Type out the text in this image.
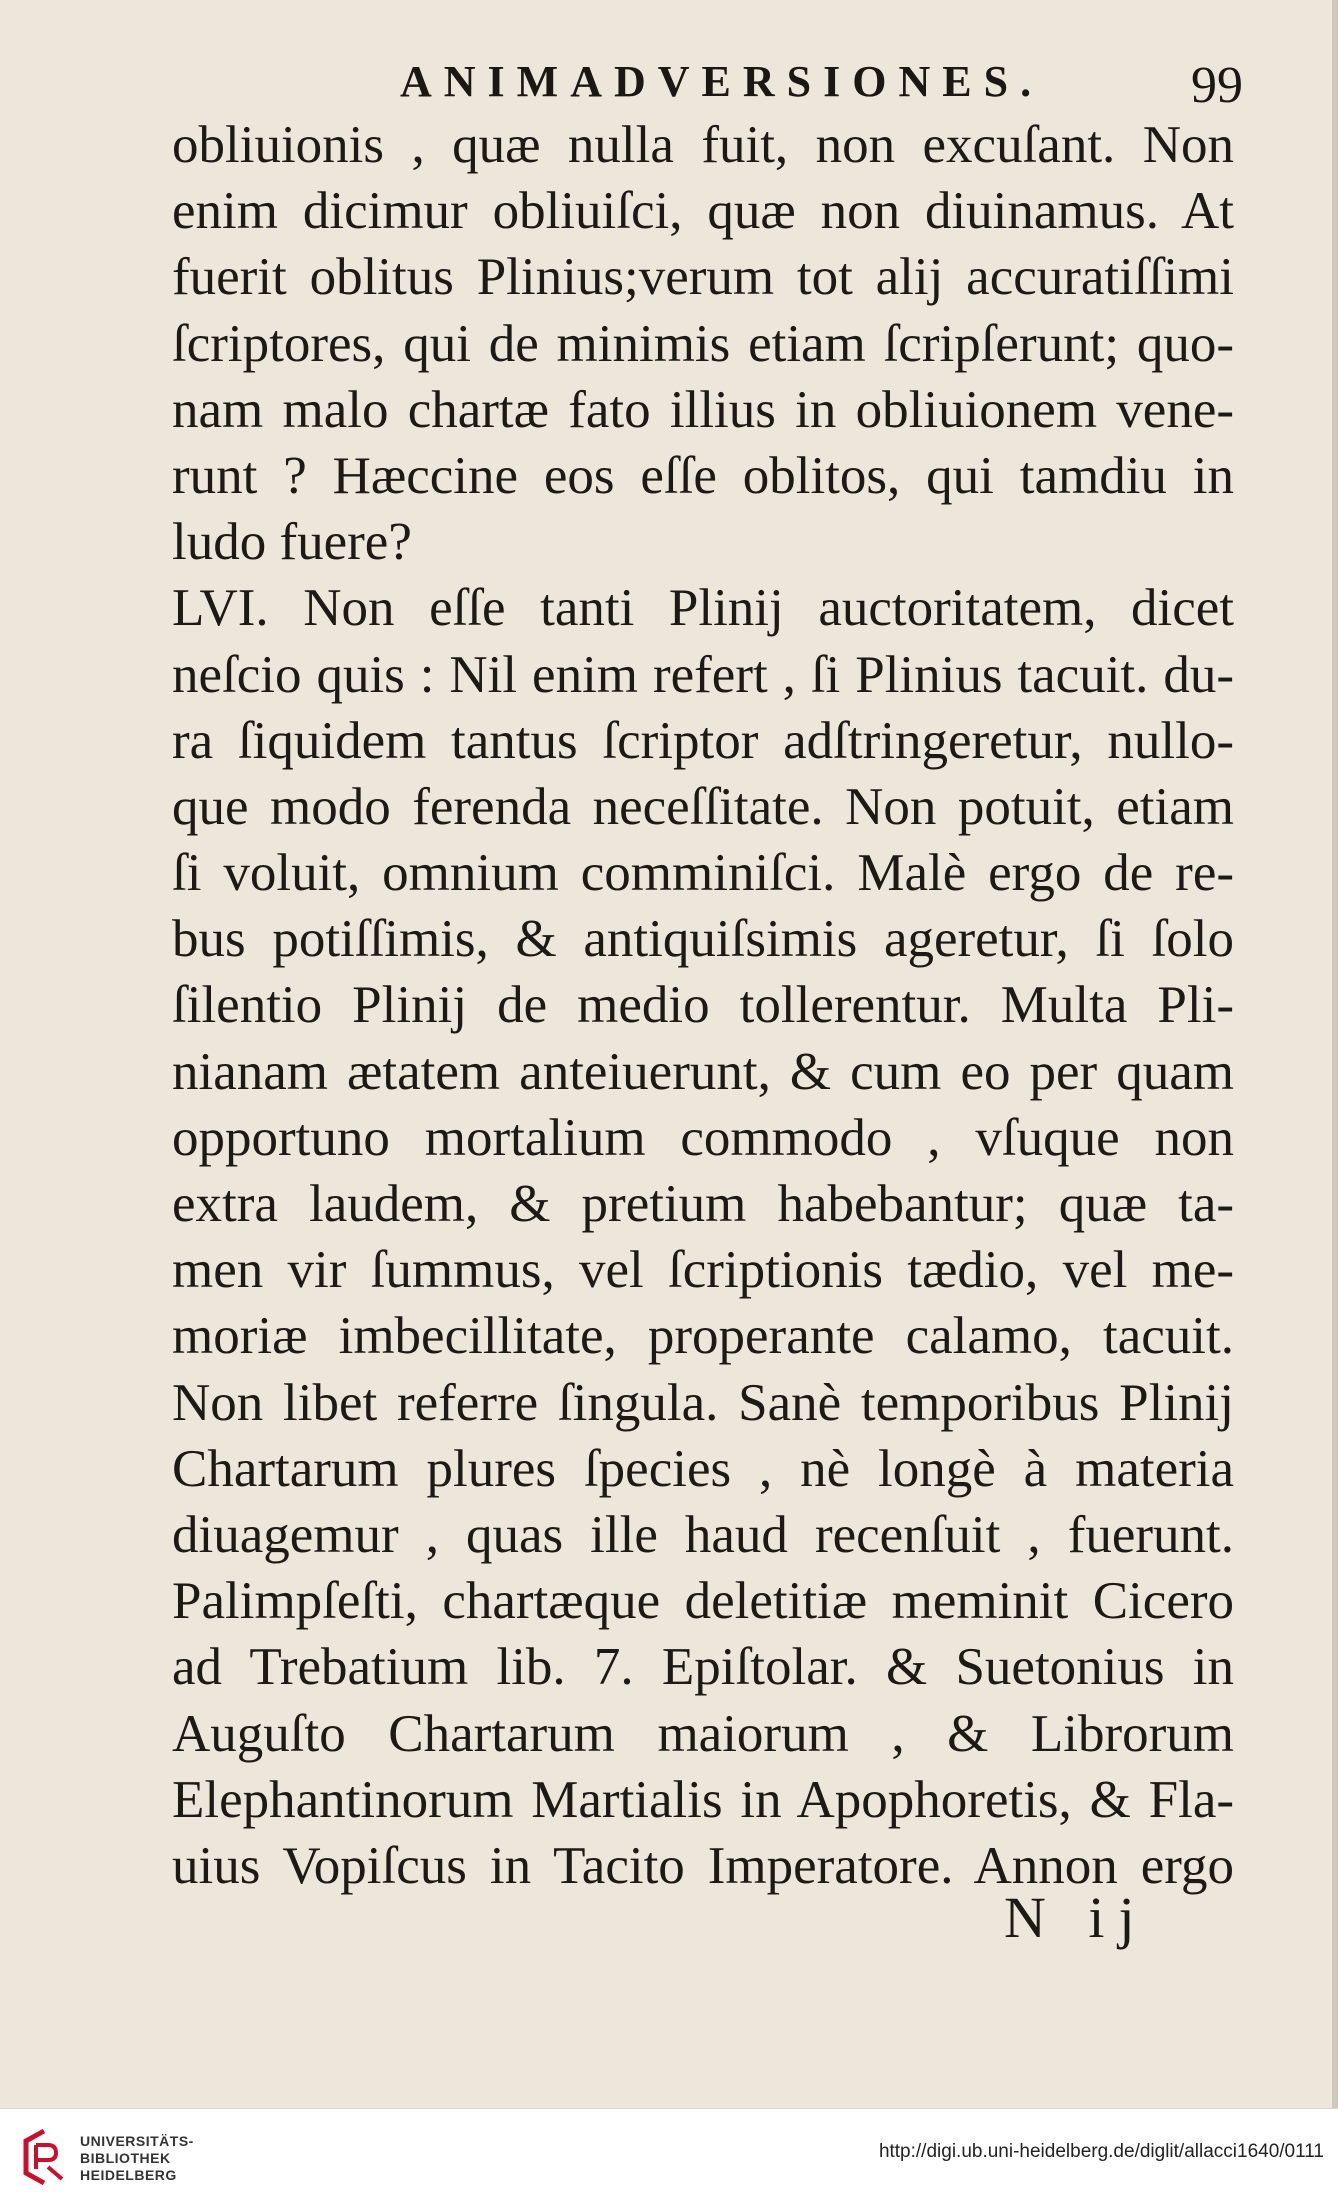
ANIMADVERSIONES.	99
obliuionis , quæ nulla fuit, non excuſant. Non
enim dicimur obliuiſci, quæ non diuinamus. At
fuerit oblitus Plinius;verum tot alij accuratiſſimi
ſcriptores, qui de minimis etiam ſcripſerunt; quo-
nam malo chartæ fato illius in obliuionem vene-
runt ? Hæccine eos eſſe oblitos, qui tamdiu in
ludo fuere?
LVI. Non eſſe tanti Plinij auctoritatem, dicet
neſcio quis : Nil enim refert , ſi Plinius tacuit. du-
ra ſiquidem tantus ſcriptor adſtringeretur, nullo-
que modo ferenda neceſſitate. Non potuit, etiam
ſi voluit, omnium comminiſci. Malè ergo de re-
bus potiſſimis, & antiquiſsimis ageretur, ſi ſolo
ſilentio Plinij de medio tollerentur. Multa Pli-
nianam ætatem anteiuerunt, & cum eo per quam
opportuno mortalium commodo , vſuque non
extra laudem, & pretium habebantur; quæ ta-
men vir ſummus, vel ſcriptionis tædio, vel me-
moriæ imbecillitate, properante calamo, tacuit.
Non libet referre ſingula. Sanè temporibus Plinij
Chartarum plures ſpecies , nè longè à materia
diuagemur , quas ille haud recenſuit , fuerunt.
Palimpſeſti, chartæque deletitiæ meminit Cicero
ad Trebatium lib. 7. Epiſtolar. & Suetonius in
Auguſto Chartarum maiorum , & Librorum
Elephantinorum Martialis in Apophoretis, & Fla-
uius Vopiſcus in Tacito Imperatore. Annon ergo
N ij
UNIVERSITÄTS-
BIBLIOTHEK
HEIDELBERG
http://digi.ub.uni-heidelberg.de/diglit/allacci1640/0111
